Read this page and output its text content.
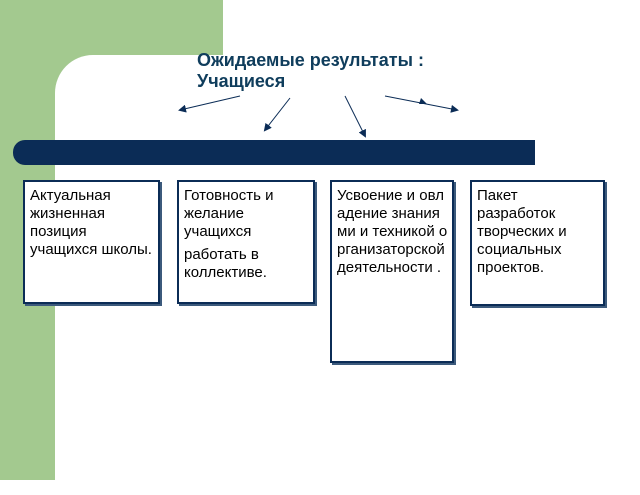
Ожидаемые результаты :
Учащиеся

Актуальная жизненная позиция учащихся школы.

Готовность и желание учащихся

работать в коллективе.

Усвоение и овладение знаниями и техникой организаторской деятельности .

Пакет разработок творческих и социальных проектов.
